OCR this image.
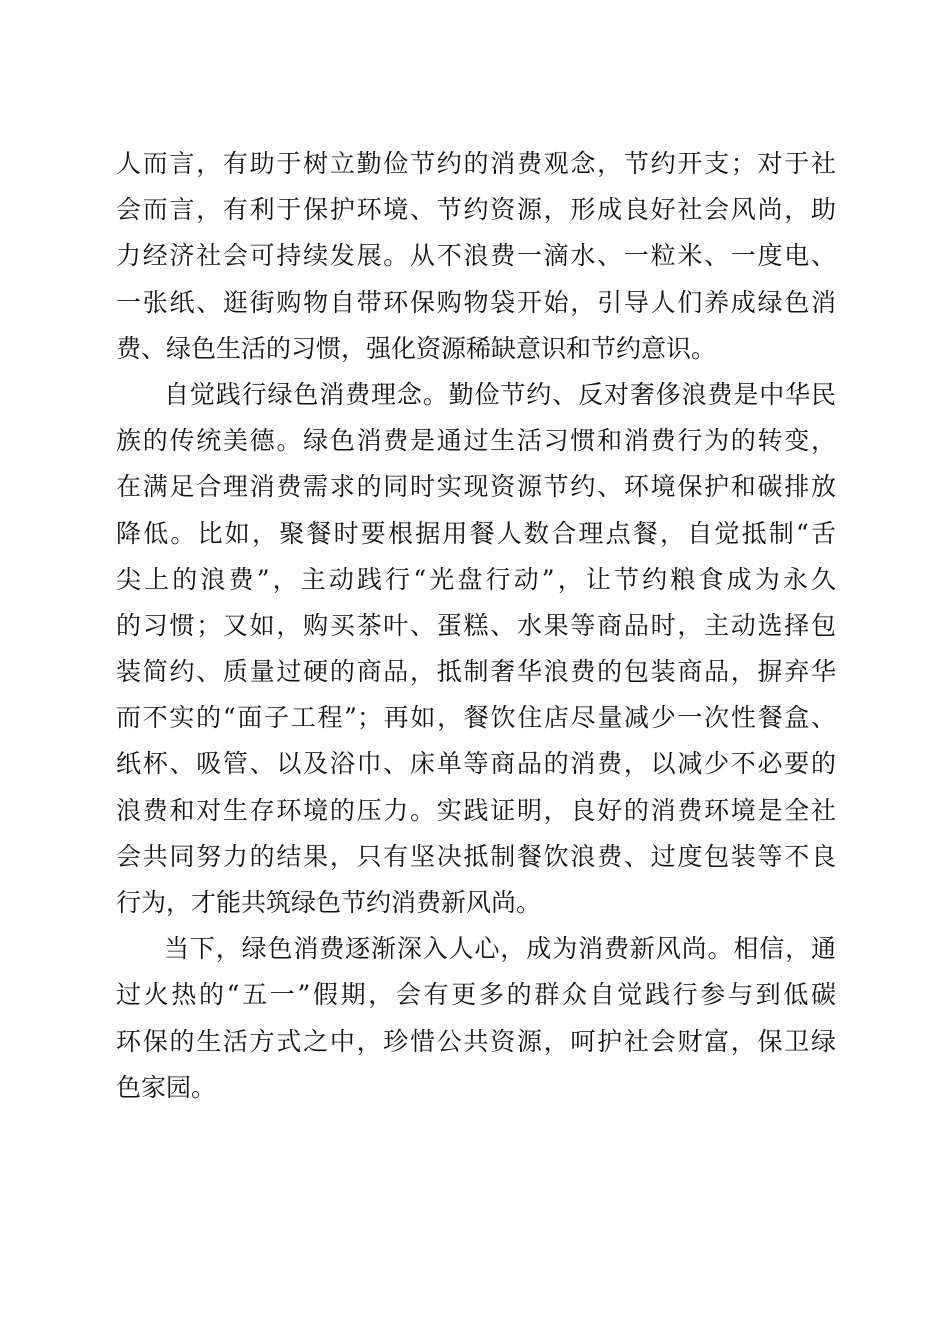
人而言，有助于树立勤俭节约的消费观念，节约开支；对于社
会而言，有利于保护环境、节约资源，形成良好社会风尚，助
力经济社会可持续发展。从不浪费一滴水、一粒米、一度电、
一张纸、逛街购物自带环保购物袋开始，引导人们养成绿色消
费、绿色生活的习惯，强化资源稀缺意识和节约意识。
自觉践行绿色消费理念。勤俭节约、反对奢侈浪费是中华民
族的传统美德。绿色消费是通过生活习惯和消费行为的转变，
在满足合理消费需求的同时实现资源节约、环境保护和碳排放
降低。比如，聚餐时要根据用餐人数合理点餐，自觉抵制“舌
尖上的浪费”，主动践行“光盘行动”，让节约粮食成为永久
的习惯；又如，购买茶叶、蛋糕、水果等商品时，主动选择包
装简约、质量过硬的商品，抵制奢华浪费的包装商品，摒弃华
而不实的“面子工程”；再如，餐饮住店尽量减少一次性餐盒、
纸杯、吸管、以及浴巾、床单等商品的消费，以减少不必要的
浪费和对生存环境的压力。实践证明，良好的消费环境是全社
会共同努力的结果，只有坚决抵制餐饮浪费、过度包装等不良
行为，才能共筑绿色节约消费新风尚。
当下，绿色消费逐渐深入人心，成为消费新风尚。相信，通
过火热的“五一”假期，会有更多的群众自觉践行参与到低碳
环保的生活方式之中，珍惜公共资源，呵护社会财富，保卫绿
色家园。
